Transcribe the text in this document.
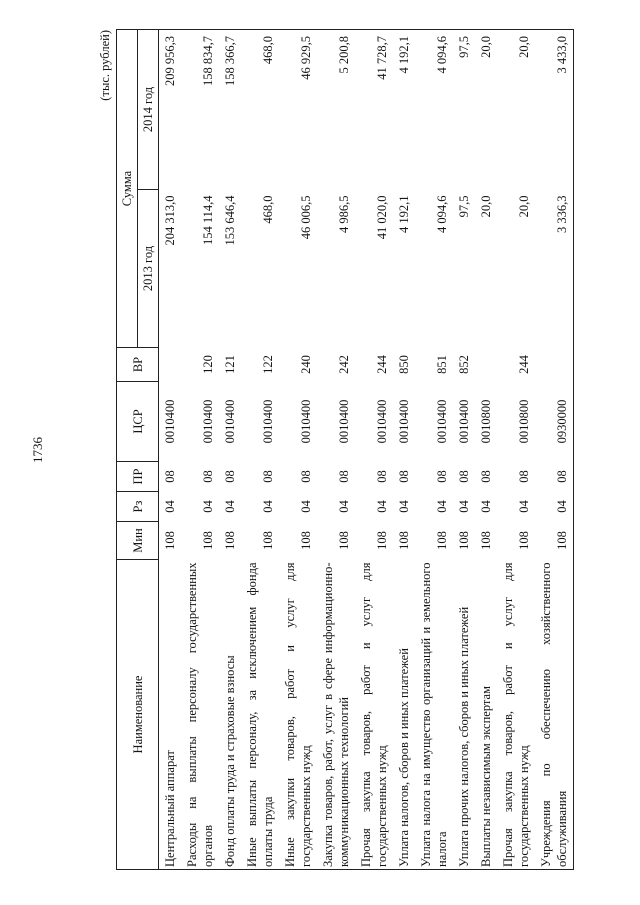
1736
(тыс. рублей)
Наименование	Мин	Рз	ПР	ЦСР	ВР	Сумма	
						2013 год	2014 год
Центральный аппарат	108	04	08	0010400		204 313,0	209 956,3
Расходы на выплаты персоналу государственных органов	108	04	08	0010400	120	154 114,4	158 834,7
Фонд оплаты труда и страховые взносы	108	04	08	0010400	121	153 646,4	158 366,7
Иные выплаты персоналу, за исключением фонда оплаты труда	108	04	08	0010400	122	468,0	468,0
Иные закупки товаров, работ и услуг для государственных нужд	108	04	08	0010400	240	46 006,5	46 929,5
Закупка товаров, работ, услуг в сфере информационно-коммуникационных технологий	108	04	08	0010400	242	4 986,5	5 200,8
Прочая закупка товаров, работ и услуг для государственных нужд	108	04	08	0010400	244	41 020,0	41 728,7
Уплата налогов, сборов и иных платежей	108	04	08	0010400	850	4 192,1	4 192,1
Уплата налога на имущество организаций и земельного налога	108	04	08	0010400	851	4 094,6	4 094,6
Уплата прочих налогов, сборов и иных платежей	108	04	08	0010400	852	97,5	97,5
Выплаты независимым экспертам	108	04	08	0010800		20,0	20,0
Прочая закупка товаров, работ и услуг для государственных нужд	108	04	08	0010800	244	20,0	20,0
Учреждения по обеспечению хозяйственного обслуживания	108	04	08	0930000		3 336,3	3 433,0
